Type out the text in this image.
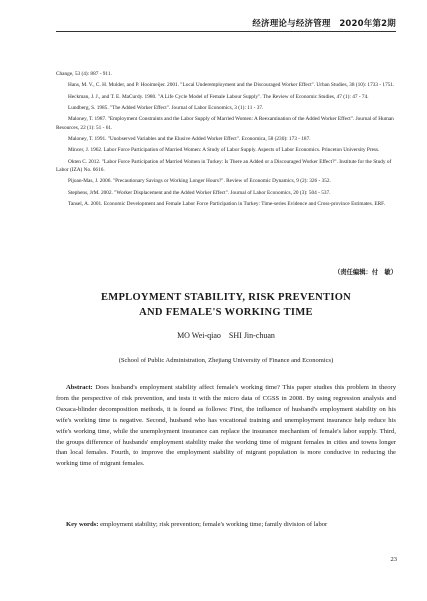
经济理论与经济管理　2020年第2期

Change, 53 (4): 887 - 911.

Hans, M. V., C. H. Mulder, and P. Hooimeijer. 2001. "Local Underemployment and the Discouraged Worker Effect". Urban Studies, 38 (10): 1733 - 1751.

Heckman, J. J., and T. E. MaCurdy. 1980. "A Life Cycle Model of Female Labour Supply". The Review of Economic Studies, 47 (1): 47 - 74.

Lundberg, S. 1985. "The Added Worker Effect". Journal of Labor Economics, 3 (1): 11 - 37.

Maloney, T. 1987. "Employment Constraints and the Labor Supply of Married Women: A Reexamination of the Added Worker Effect". Journal of Human Resources, 22 (1): 51 - 61.

Maloney, T. 1991. "Unobserved Variables and the Elusive Added Worker Effect". Economica, 58 (230): 173 - 187.

Mincer, J. 1962. Labor Force Participation of Married Women: A Study of Labor Supply. Aspects of Labor Economics. Princeton University Press.

Okten C. 2012. "Labor Force Participation of Married Women in Turkey: Is There an Added or a Discouraged Worker Effect?". Institute for the Study of Labor (IZA) No. 6616.

Pijoan-Mas, J. 2006. "Precautionary Savings or Working Longer Hours?". Review of Economic Dynamics, 9 (2): 326 - 352.

Stephens, JrM. 2002. "Worker Displacement and the Added Worker Effect". Journal of Labor Economics, 20 (3): 504 - 537.

Tansel, A. 2001. Economic Development and Female Labor Force Participation in Turkey: Time-series Evidence and Cross-province Estimates. ERF.

（责任编辑：付　敏）
EMPLOYMENT STABILITY, RISK PREVENTION
AND FEMALE'S WORKING TIME
MO Wei-qiao　SHI Jin-chuan
(School of Public Administration, Zhejiang University of Finance and Economics)

Abstract: Does husband's employment stability affect female's working time? This paper studies this problem in theory from the perspective of risk prevention, and tests it with the micro data of CGSS in 2008. By using regression analysis and Oaxaca-blinder decomposition methods, it is found as follows: First, the influence of husband's employment stability on his wife's working time is negative. Second, husband who has vocational training and unemployment insurance help reduce his wife's working time, while the unemployment insurance can replace the insurance mechanism of female's labor supply. Third, the groups difference of husbands' employment stability make the working time of migrant females in cities and towns longer than local females. Fourth, to improve the employment stability of migrant population is more conducive in reducing the working time of migrant females.

Key words: employment stability; risk prevention; female's working time; family division of labor

23
